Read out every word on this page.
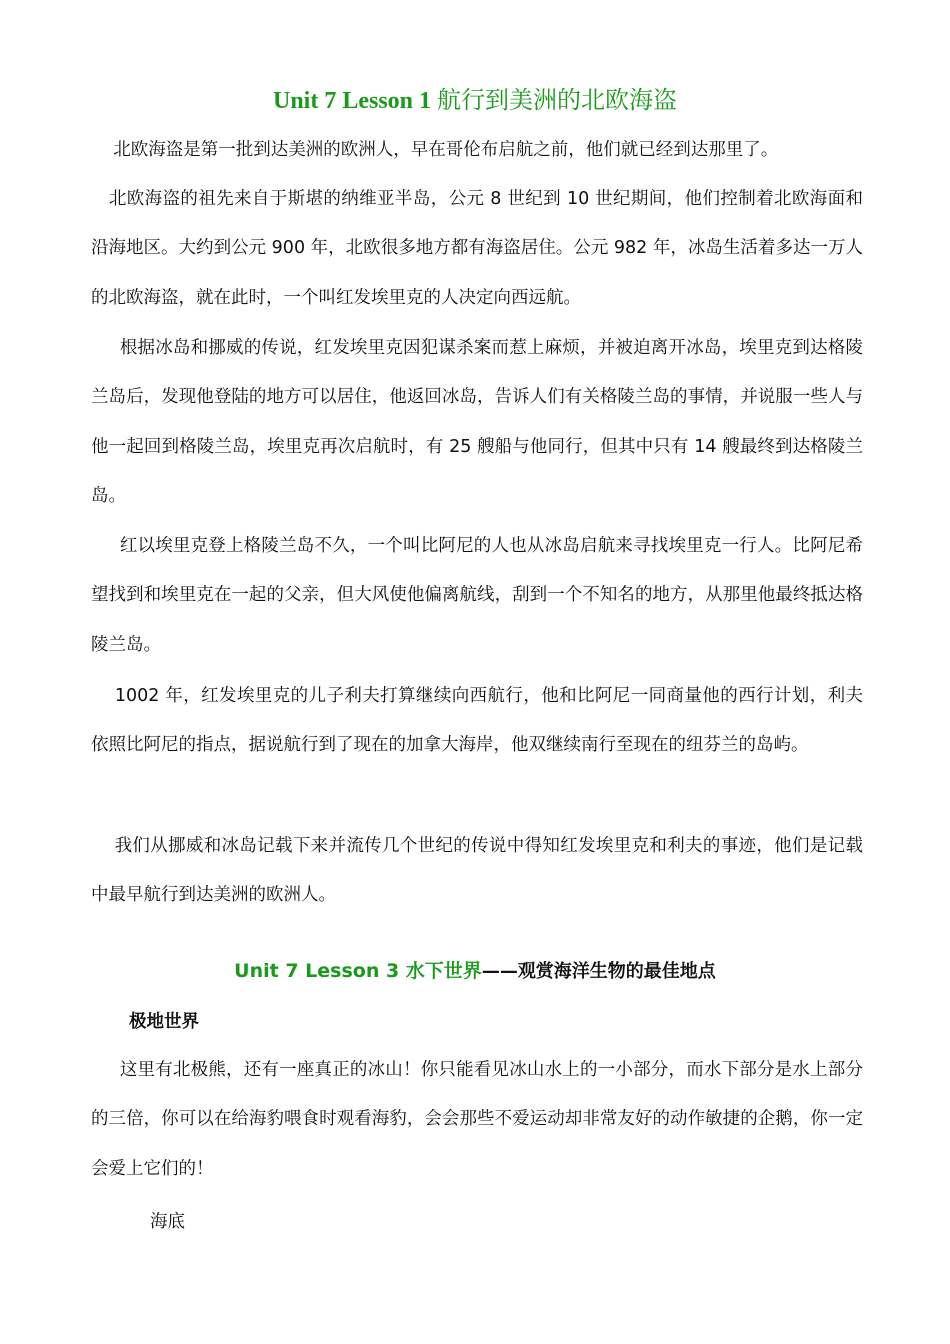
Unit 7 Lesson 1 航行到美洲的北欧海盗

北欧海盗是第一批到达美洲的欧洲人，早在哥伦布启航之前，他们就已经到达那里了。

北欧海盗的祖先来自于斯堪的纳维亚半岛，公元 8 世纪到 10 世纪期间，他们控制着北欧海面和沿海地区。大约到公元 900 年，北欧很多地方都有海盗居住。公元 982 年，冰岛生活着多达一万人的北欧海盗，就在此时，一个叫红发埃里克的人决定向西远航。

根据冰岛和挪威的传说，红发埃里克因犯谋杀案而惹上麻烦，并被迫离开冰岛，埃里克到达格陵兰岛后，发现他登陆的地方可以居住，他返回冰岛，告诉人们有关格陵兰岛的事情，并说服一些人与他一起回到格陵兰岛，埃里克再次启航时，有 25 艘船与他同行，但其中只有 14 艘最终到达格陵兰岛。

红以埃里克登上格陵兰岛不久，一个叫比阿尼的人也从冰岛启航来寻找埃里克一行人。比阿尼希望找到和埃里克在一起的父亲，但大风使他偏离航线，刮到一个不知名的地方，从那里他最终抵达格陵兰岛。

1002 年，红发埃里克的儿子利夫打算继续向西航行，他和比阿尼一同商量他的西行计划，利夫依照比阿尼的指点，据说航行到了现在的加拿大海岸，他双继续南行至现在的纽芬兰的岛屿。

我们从挪威和冰岛记载下来并流传几个世纪的传说中得知红发埃里克和利夫的事迹，他们是记载中最早航行到达美洲的欧洲人。

Unit 7 Lesson 3 水下世界——观赏海洋生物的最佳地点
极地世界

这里有北极熊，还有一座真正的冰山！你只能看见冰山水上的一小部分，而水下部分是水上部分的三倍，你可以在给海豹喂食时观看海豹，会会那些不爱运动却非常友好的动作敏捷的企鹅，你一定会爱上它们的！

海底
